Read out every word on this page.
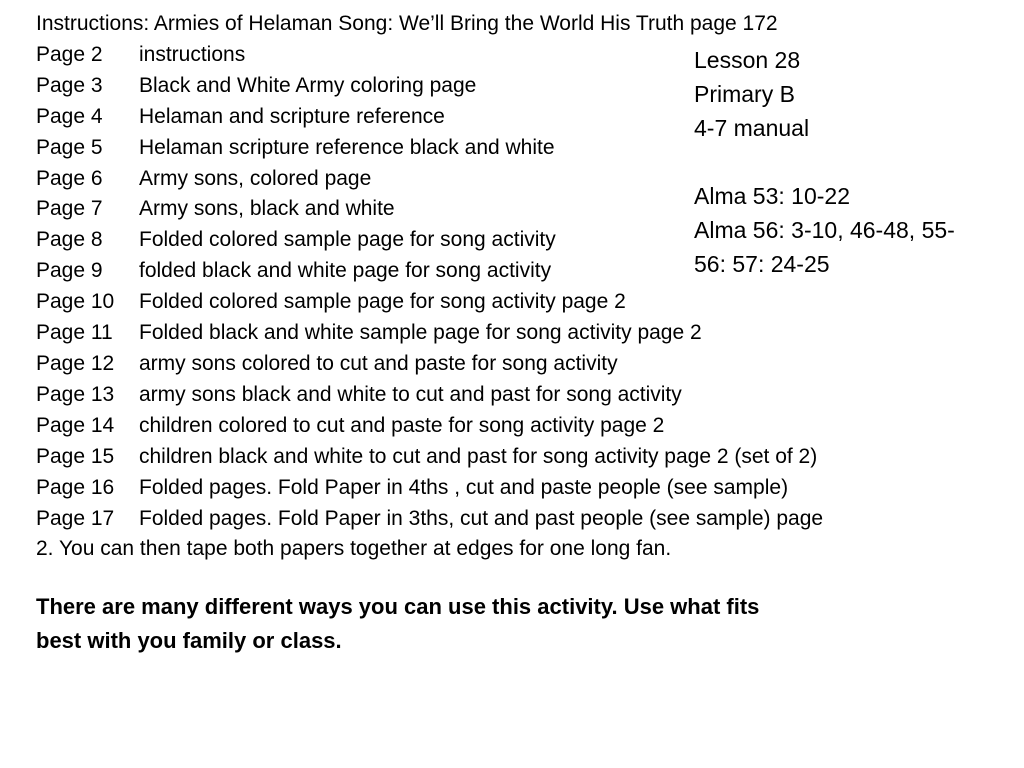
Instructions: Armies of Helaman Song: We’ll Bring the World His Truth page 172
Page 2	instructions
Page 3	Black and White Army coloring page
Page 4	Helaman and scripture reference
Page 5	Helaman scripture reference black and white
Page 6	Army sons, colored page
Page 7	Army sons, black and white
Page 8	Folded colored sample page for song activity
Page 9	folded black and white page for song activity
Page 10	Folded colored sample page for song activity page 2
Page 11	Folded black and white sample page for song activity page 2
Page 12	army sons colored to cut and paste for song activity
Page 13	army sons black and white to cut and past for song activity
Page 14	children colored to cut and paste for song activity page 2
Page 15	children black and white to cut and past for song activity page 2 (set of 2)
Page 16	Folded pages. Fold Paper in 4ths , cut and paste people (see sample)
Page 17	Folded pages. Fold Paper in 3ths, cut and past people (see sample) page
2. You can then tape both papers together at edges for one long fan.
There are many different ways you can use this activity. Use what fits
best with you family or class.
Lesson 28
Primary B
4-7 manual
Alma 53: 10-22
Alma 56: 3-10, 46-48, 55-
56: 57: 24-25
